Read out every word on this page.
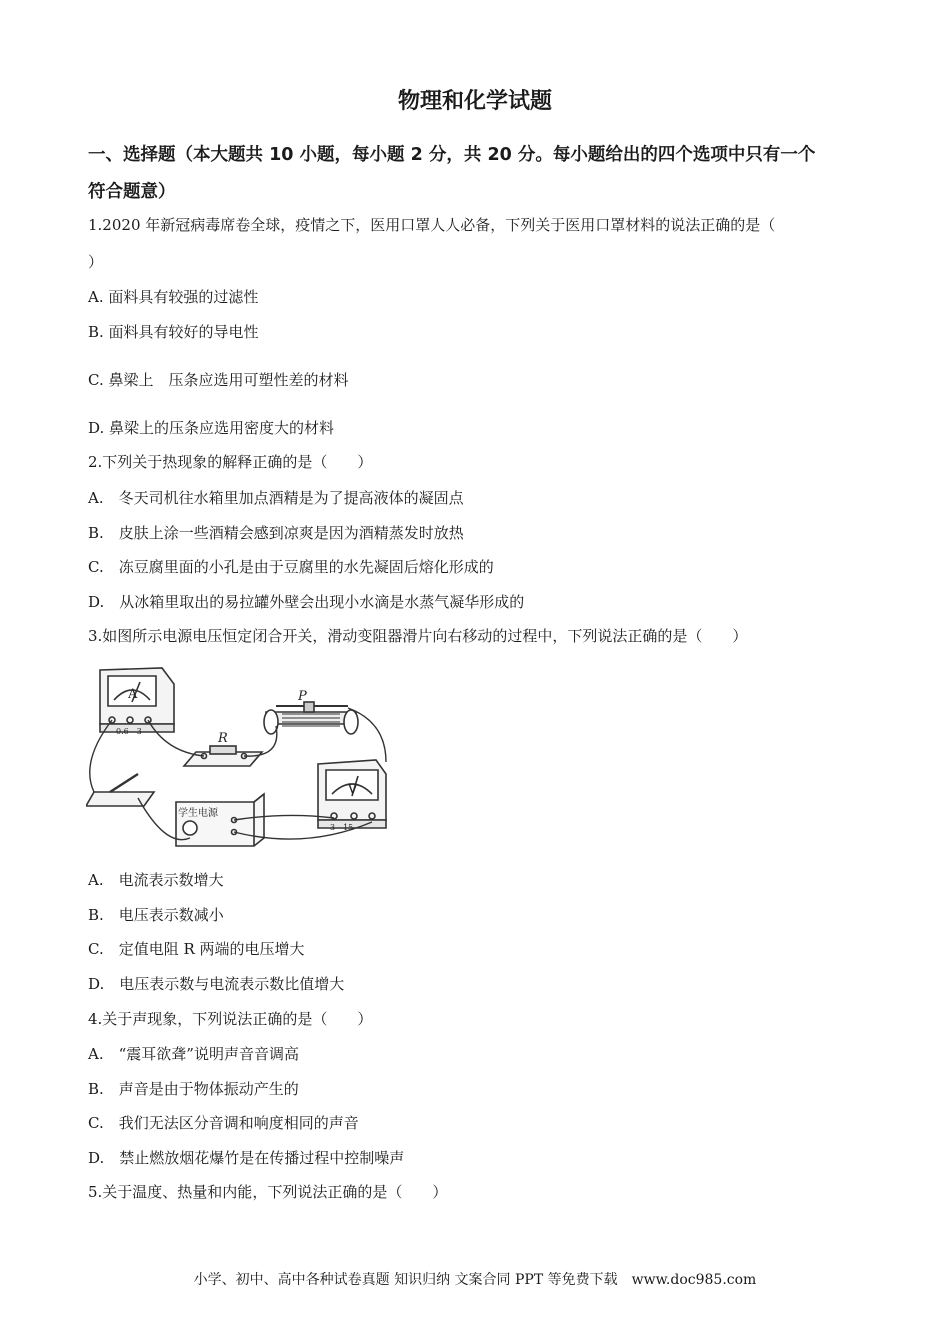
物理和化学试题
一、选择题（本大题共 10 小题，每小题 2 分，共 20 分。每小题给出的四个选项中只有一个
符合题意）
1.2020 年新冠病毒席卷全球，疫情之下，医用口罩人人必备，下列关于医用口罩材料的说法正确的是（
）
A. 面料具有较强的过滤性
B. 面料具有较好的导电性
C. 鼻梁上　压条应选用可塑性差的材料
D. 鼻梁上的压条应选用密度大的材料
2.下列关于热现象的解释正确的是（　　）
A.　冬天司机往水箱里加点酒精是为了提高液体的凝固点
B.　皮肤上涂一些酒精会感到凉爽是因为酒精蒸发时放热
C.　冻豆腐里面的小孔是由于豆腐里的水先凝固后熔化形成的
D.　从冰箱里取出的易拉罐外壁会出现小水滴是水蒸气凝华形成的
3.如图所示电源电压恒定闭合开关，滑动变阻器滑片向右移动的过程中，下列说法正确的是（　　）
A
0.6　3
V
3　15
R
P
学生电源
A.　电流表示数增大
B.　电压表示数减小
C.　定值电阻 R 两端的电压增大
D.　电压表示数与电流表示数比值增大
4.关于声现象，下列说法正确的是（　　）
A.　“震耳欲聋”说明声音音调高
B.　声音是由于物体振动产生的
C.　我们无法区分音调和响度相同的声音
D.　禁止燃放烟花爆竹是在传播过程中控制噪声
5.关于温度、热量和内能，下列说法正确的是（　　）
小学、初中、高中各种试卷真题 知识归纳 文案合同 PPT 等免费下载　www.doc985.com
